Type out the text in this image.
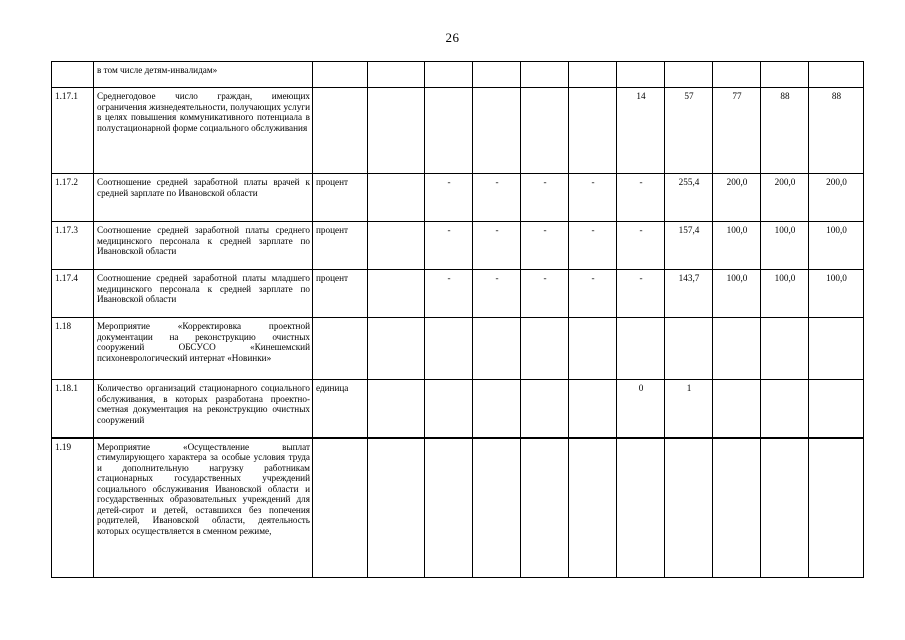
26
	в том числе детям-инвалидам»											
1.17.1	Среднегодовое число граждан, имеющих ограничения жизнедеятельности, получающих услуги в целях повышения коммуникативного потенциала в полустационарной форме социального обслуживания							14	57	77	88	88
1.17.2	Соотношение средней заработной платы врачей к средней зарплате по Ивановской области	процент		-	-	-	-	-	255,4	200,0	200,0	200,0
1.17.3	Соотношение средней заработной платы среднего медицинского персонала к средней зарплате по Ивановской области	процент		-	-	-	-	-	157,4	100,0	100,0	100,0
1.17.4	Соотношение средней заработной платы младшего медицинского персонала к средней зарплате по Ивановской области	процент		-	-	-	-	-	143,7	100,0	100,0	100,0
1.18	Мероприятие «Корректировка проектной документации на реконструкцию очистных сооружений ОБСУСО «Кинешемский психоневрологический интернат «Новинки»											
1.18.1	Количество организаций стационарного социального обслуживания, в которых разработана проектно-сметная документация на реконструкцию очистных сооружений	единица						0	1			
1.19	Мероприятие «Осуществление выплат стимулирующего характера за особые условия труда и дополнительную нагрузку работникам стационарных государственных учреждений социального обслуживания Ивановской области и государственных образовательных учреждений для детей-сирот и детей, оставшихся без попечения родителей, Ивановской области, деятельность которых осуществляется в сменном режиме,											
